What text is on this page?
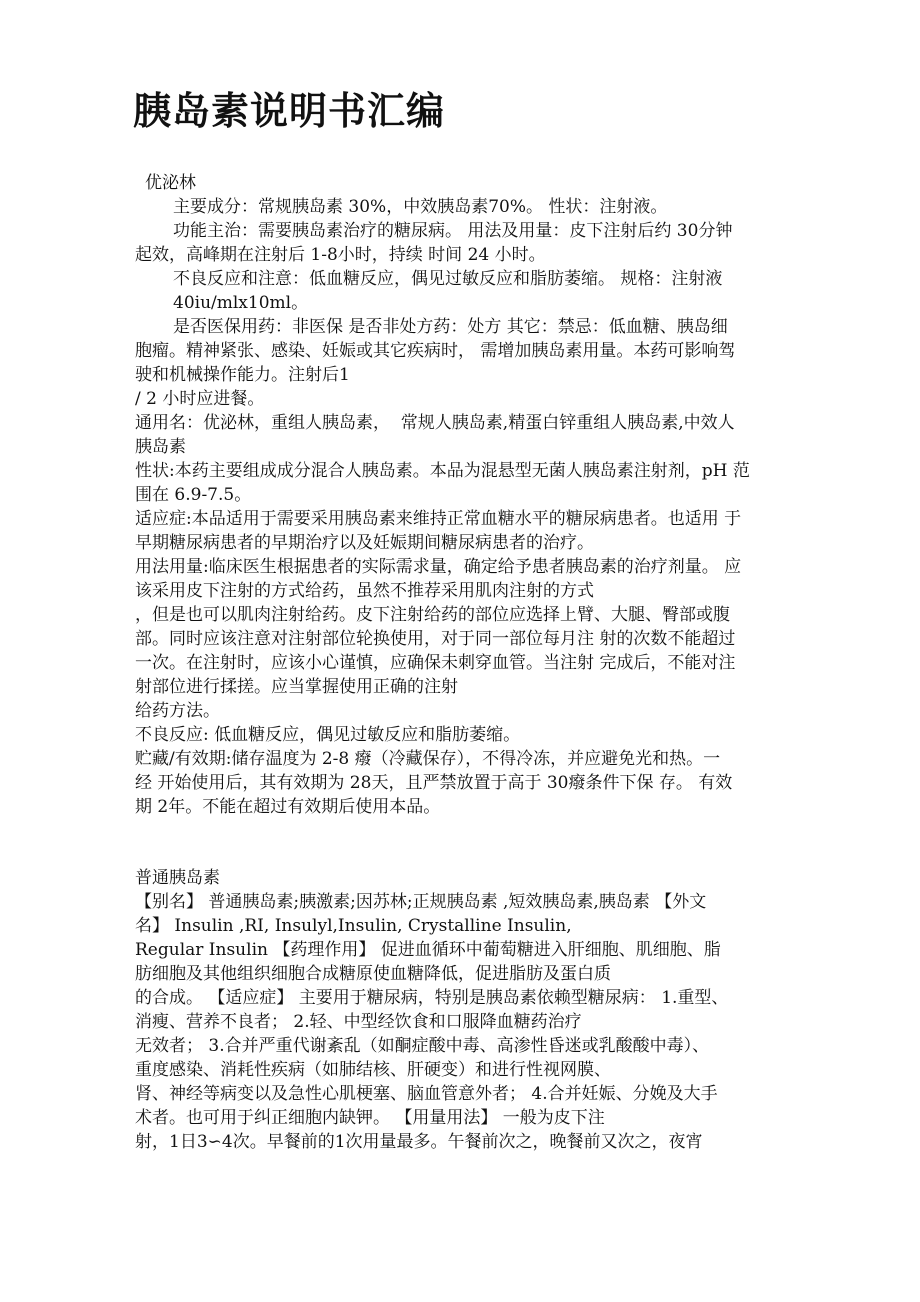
胰岛素说明书汇编
优泌林
主要成分：常规胰岛素 30%，中效胰岛素70%。 性状：注射液。
功能主治：需要胰岛素治疗的糖尿病。 用法及用量：皮下注射后约 30分钟
起效，高峰期在注射后 1-8小时，持续 时间 24 小时。
不良反应和注意：低血糖反应，偶见过敏反应和脂肪萎缩。 规格：注射液
40iu/mlx10ml。
是否医保用药：非医保 是否非处方药：处方 其它：禁忌：低血糖、胰岛细
胞瘤。精神紧张、感染、妊娠或其它疾病时， 需增加胰岛素用量。本药可影响驾
驶和机械操作能力。注射后1
/ 2 小时应进餐。
通用名：优泌林，重组人胰岛素，  常规人胰岛素,精蛋白锌重组人胰岛素,中效人
胰岛素
性状:本药主要组成成分混合人胰岛素。本品为混悬型无菌人胰岛素注射剂，pH 范
围在 6.9-7.5。
适应症:本品适用于需要采用胰岛素来维持正常血糖水平的糖尿病患者。也适用 于
早期糖尿病患者的早期治疗以及妊娠期间糖尿病患者的治疗。
用法用量:临床医生根据患者的实际需求量，确定给予患者胰岛素的治疗剂量。 应
该采用皮下注射的方式给药，虽然不推荐采用肌肉注射的方式
，但是也可以肌肉注射给药。皮下注射给药的部位应选择上臂、大腿、臀部或腹
部。同时应该注意对注射部位轮换使用，对于同一部位每月注 射的次数不能超过
一次。在注射时，应该小心谨慎，应确保未刺穿血管。当注射 完成后，不能对注
射部位进行揉搓。应当掌握使用正确的注射
给药方法。
不良反应: 低血糖反应，偶见过敏反应和脂肪萎缩。
贮藏/有效期:储存温度为 2-8 癈（冷藏保存），不得冷冻，并应避免光和热。一
经 开始使用后，其有效期为 28天，且严禁放置于高于 30癈条件下保 存。 有效
期 2年。不能在超过有效期后使用本品。
普通胰岛素
【别名】 普通胰岛素;胰激素;因苏林;正规胰岛素 ,短效胰岛素,胰岛素 【外文
名】 Insulin ,RI, Insulyl,Insulin, Crystalline Insulin,
Regular Insulin 【药理作用】 促进血循环中葡萄糖进入肝细胞、肌细胞、脂
肪细胞及其他组织细胞合成糖原使血糖降低，促进脂肪及蛋白质
的合成。 【适应症】 主要用于糖尿病，特别是胰岛素依赖型糖尿病： 1.重型、
消瘦、营养不良者； 2.轻、中型经饮食和口服降血糖药治疗
无效者； 3.合并严重代谢紊乱（如酮症酸中毒、高渗性昏迷或乳酸酸中毒）、
重度感染、消耗性疾病（如肺结核、肝硬变）和进行性视网膜、
肾、神经等病变以及急性心肌梗塞、脑血管意外者； 4.合并妊娠、分娩及大手
术者。也可用于纠正细胞内缺钾。 【用量用法】 一般为皮下注
射，1日3∽4次。早餐前的1次用量最多。午餐前次之，晚餐前又次之，夜宵
